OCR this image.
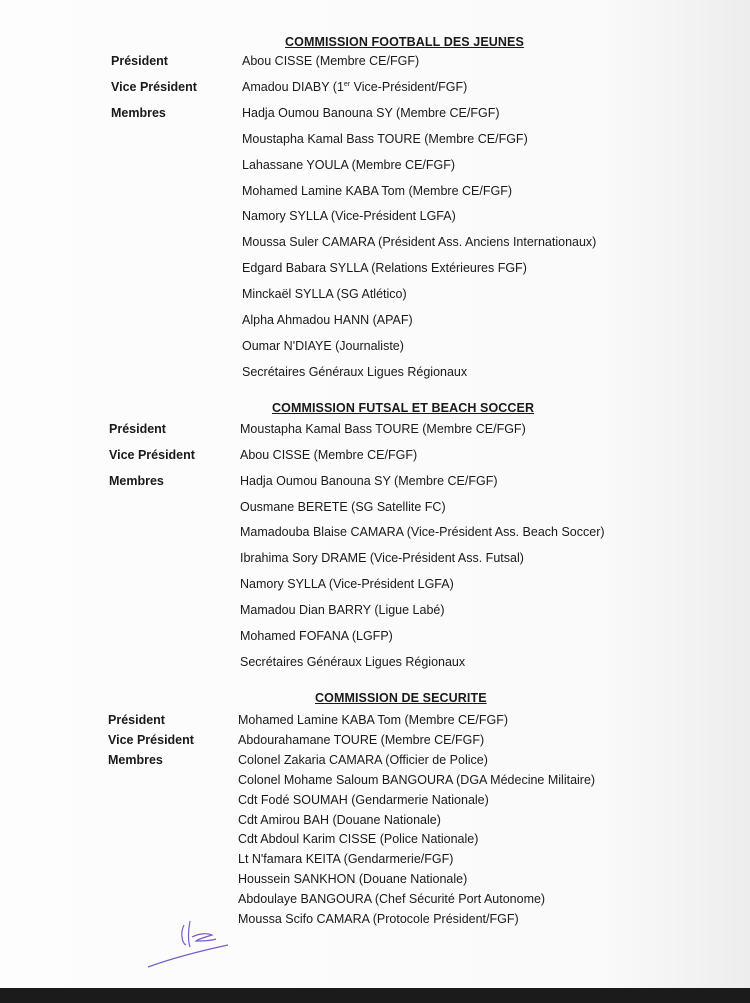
COMMISSION FOOTBALL DES JEUNES
Président
Vice Président
Membres
Abou CISSE (Membre CE/FGF)
Amadou DIABY (1er Vice-Président/FGF)
Hadja Oumou Banouna SY (Membre CE/FGF)
Moustapha Kamal Bass TOURE (Membre CE/FGF)
Lahassane YOULA (Membre CE/FGF)
Mohamed Lamine KABA Tom (Membre CE/FGF)
Namory SYLLA (Vice-Président LGFA)
Moussa Suler CAMARA (Président Ass. Anciens Internationaux)
Edgard Babara SYLLA (Relations Extérieures FGF)
Minckaël SYLLA (SG Atlético)
Alpha Ahmadou HANN (APAF)
Oumar N'DIAYE (Journaliste)
Secrétaires Généraux Ligues Régionaux
COMMISSION FUTSAL ET BEACH SOCCER
Président
Vice Président
Membres
Moustapha Kamal Bass TOURE (Membre CE/FGF)
Abou CISSE (Membre CE/FGF)
Hadja Oumou Banouna SY (Membre CE/FGF)
Ousmane BERETE (SG Satellite FC)
Mamadouba Blaise CAMARA (Vice-Président Ass. Beach Soccer)
Ibrahima Sory DRAME (Vice-Président Ass. Futsal)
Namory SYLLA (Vice-Président LGFA)
Mamadou Dian BARRY (Ligue Labé)
Mohamed FOFANA (LGFP)
Secrétaires Généraux Ligues Régionaux
COMMISSION DE SECURITE
Président
Vice Président
Membres
Mohamed Lamine KABA Tom (Membre CE/FGF)
Abdourahamane TOURE (Membre CE/FGF)
Colonel Zakaria CAMARA (Officier de Police)
Colonel Mohame Saloum BANGOURA (DGA Médecine Militaire)
Cdt Fodé SOUMAH (Gendarmerie Nationale)
Cdt Amirou BAH (Douane Nationale)
Cdt Abdoul Karim CISSE (Police Nationale)
Lt N'famara KEITA (Gendarmerie/FGF)
Houssein SANKHON (Douane Nationale)
Abdoulaye BANGOURA (Chef Sécurité Port Autonome)
Moussa Scifo CAMARA (Protocole Président/FGF)
